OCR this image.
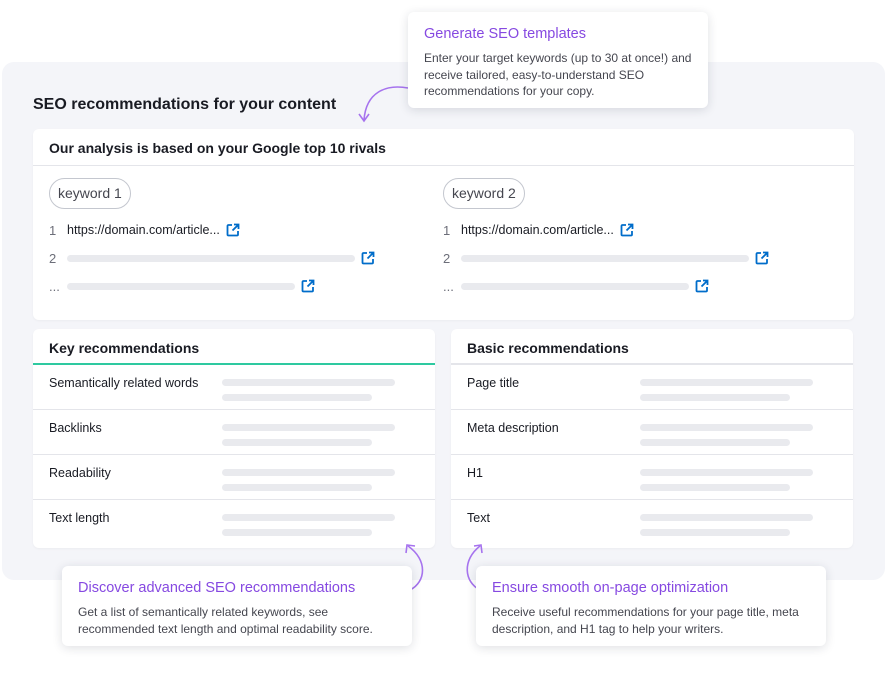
SEO recommendations for your content
Our analysis is based on your Google top 10 rivals
keyword 1
1 https://domain.com/article...
2
...
keyword 2
1 https://domain.com/article...
2
...
Key recommendations
Semantically related words
Backlinks
Readability
Text length
Basic recommendations
Page title
Meta description
H1
Text
Generate SEO templates
Enter your target keywords (up to 30 at once!) and receive tailored, easy-to-understand SEO recommendations for your copy.
Discover advanced SEO recommendations
Get a list of semantically related keywords, see recommended text length and optimal readability score.
Ensure smooth on-page optimization
Receive useful recommendations for your page title, meta description, and H1 tag to help your writers.
